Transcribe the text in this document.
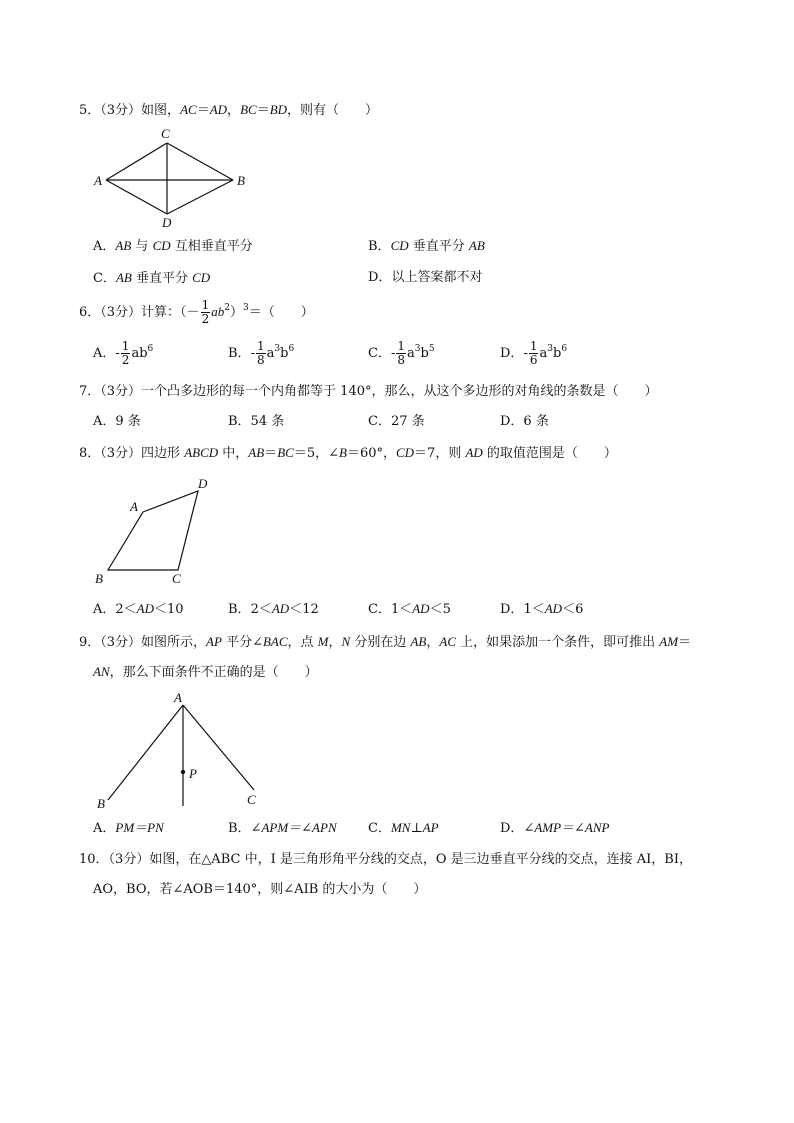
5．（3分）如图，AC＝AD，BC＝BD，则有（　　）
C
A	B
D
A．AB 与 CD 互相垂直平分	B．CD 垂直平分 AB
C．AB 垂直平分 CD	D．以上答案都不对
6．（3分）计算：（－ $\frac{1}{2} ab^2)^3=$（　　）
A．- $\frac{1}{2} ab^6$	B．- $\frac{1}{8} a^3b^6$	C．- $\frac{1}{8} a^3b^5$	D．- $\frac{1}{6} a^3b^6$
7．（3分）一个凸多边形的每一个内角都等于 140°，那么，从这个多边形的对角线的条数是（　　）
A．9 条	B．54 条	C．27 条	D．6 条
8．（3分）四边形 ABCD 中，AB＝BC＝5，∠B＝60°，CD＝7，则 AD 的取值范围是（　　）
A
D
B	C
A．2＜AD＜10	B．2＜AD＜12	C．1＜AD＜5	D．1＜AD＜6
9．（3分）如图所示，AP 平分∠BAC，点 M，N 分别在边 AB，AC 上，如果添加一个条件，即可推出 AM＝
AN，那么下面条件不正确的是（　　）
A
P
B	C
A．PM＝PN	B．∠APM＝∠APN C．MN⊥AP	D．∠AMP＝∠ANP
10．（3分）如图，在△ABC 中，I 是三角形角平分线的交点，O 是三边垂直平分线的交点，连接 AI，BI，
AO，BO，若∠AOB＝140°，则∠AIB 的大小为（　　）
